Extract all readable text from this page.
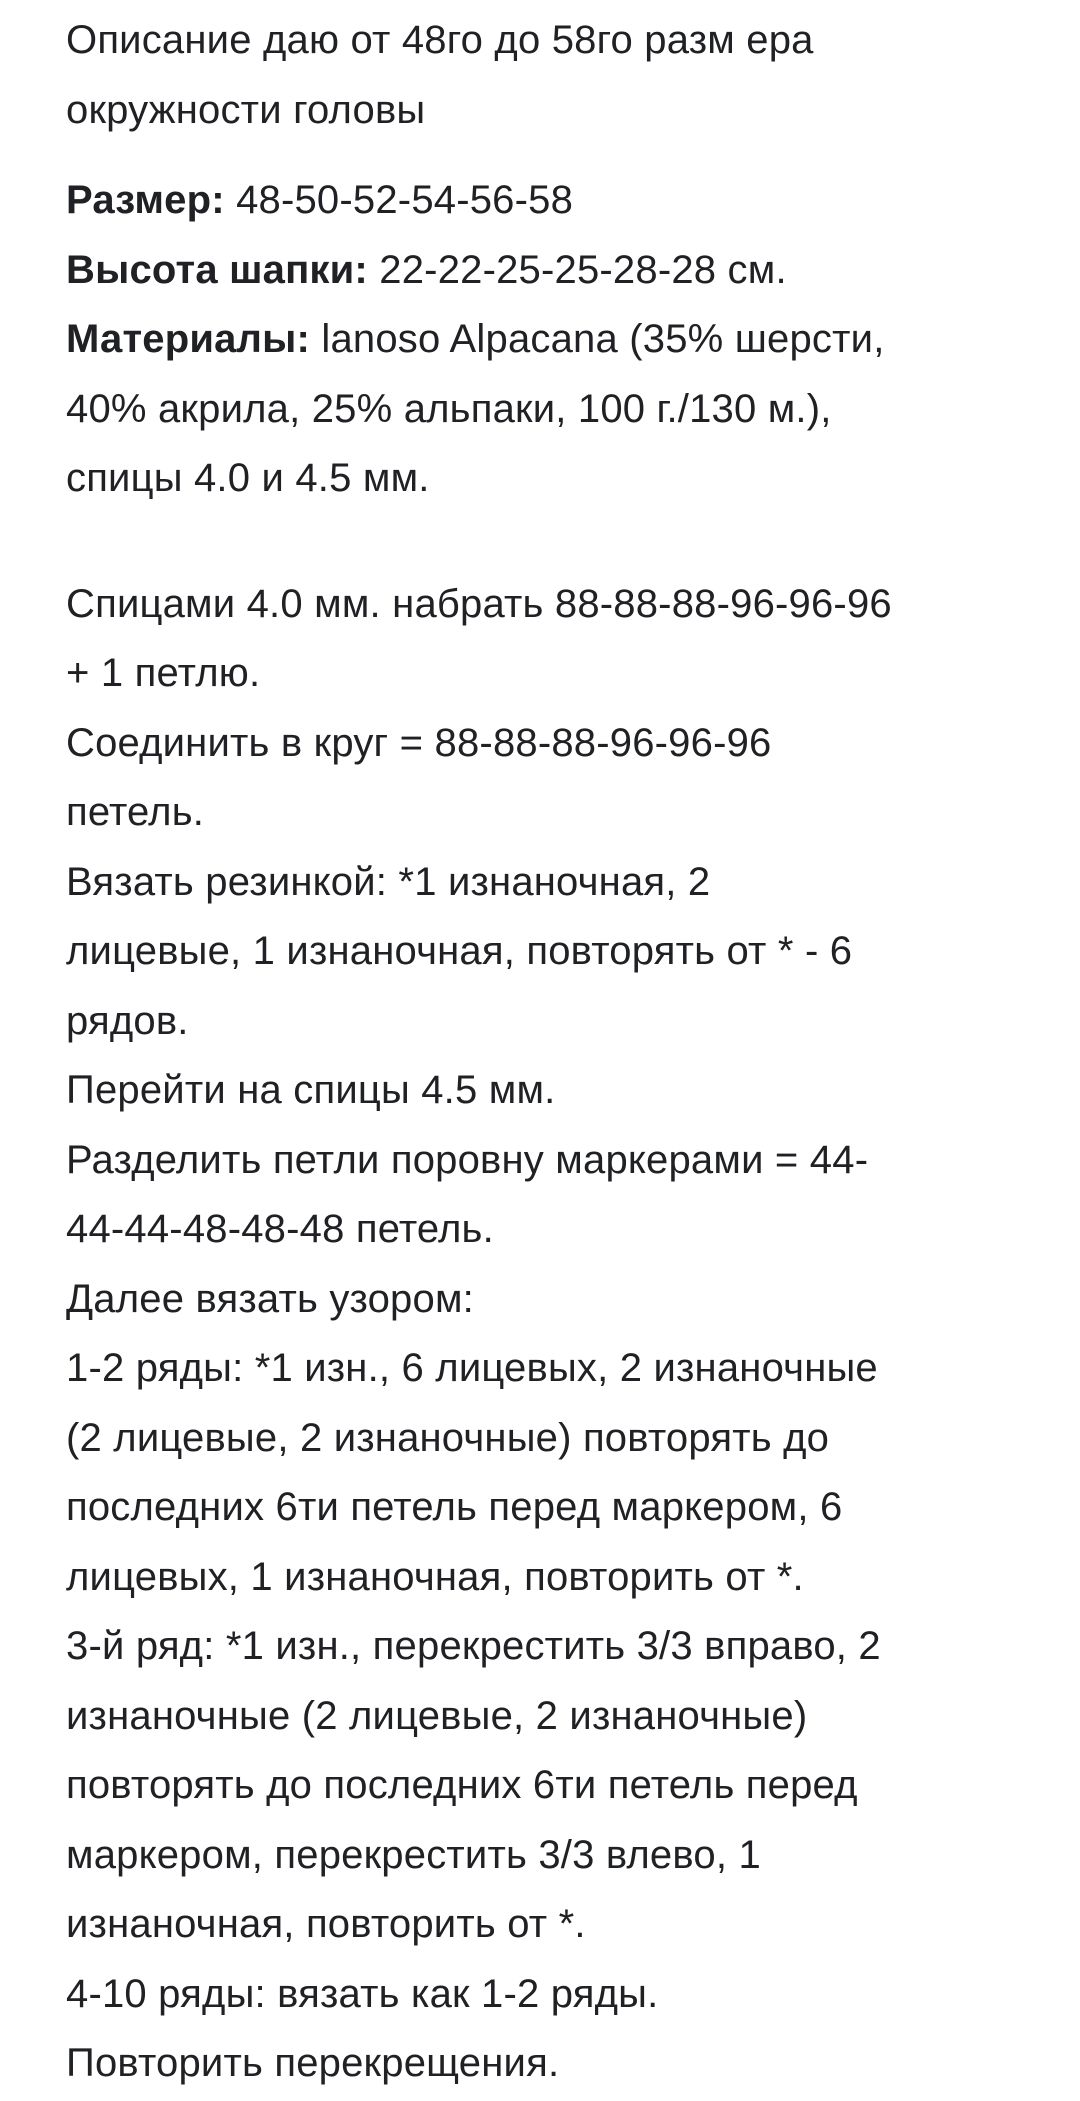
Описание даю от 48го до 58го разм ера
окружности головы
Размер: 48-50-52-54-56-58
Высота шапки: 22-22-25-25-28-28 см.
Материалы: lanoso Alpacana (35% шерсти,
40% акрила, 25% альпаки, 100 г./130 м.),
спицы 4.0 и 4.5 мм.
Спицами 4.0 мм. набрать 88-88-88-96-96-96
+ 1 петлю.
Соединить в круг = 88-88-88-96-96-96
петель.
Вязать резинкой: *1 изнаночная, 2
лицевые, 1 изнаночная, повторять от * - 6
рядов.
Перейти на спицы 4.5 мм.
Разделить петли поровну маркерами = 44-
44-44-48-48-48 петель.
Далее вязать узором:
1-2 ряды: *1 изн., 6 лицевых, 2 изнаночные
(2 лицевые, 2 изнаночные) повторять до
последних 6ти петель перед маркером, 6
лицевых, 1 изнаночная, повторить от *.
3-й ряд: *1 изн., перекрестить 3/3 вправо, 2
изнаночные (2 лицевые, 2 изнаночные)
повторять до последних 6ти петель перед
маркером, перекрестить 3/3 влево, 1
изнаночная, повторить от *.
4-10 ряды: вязать как 1-2 ряды.
Повторить перекрещения.
